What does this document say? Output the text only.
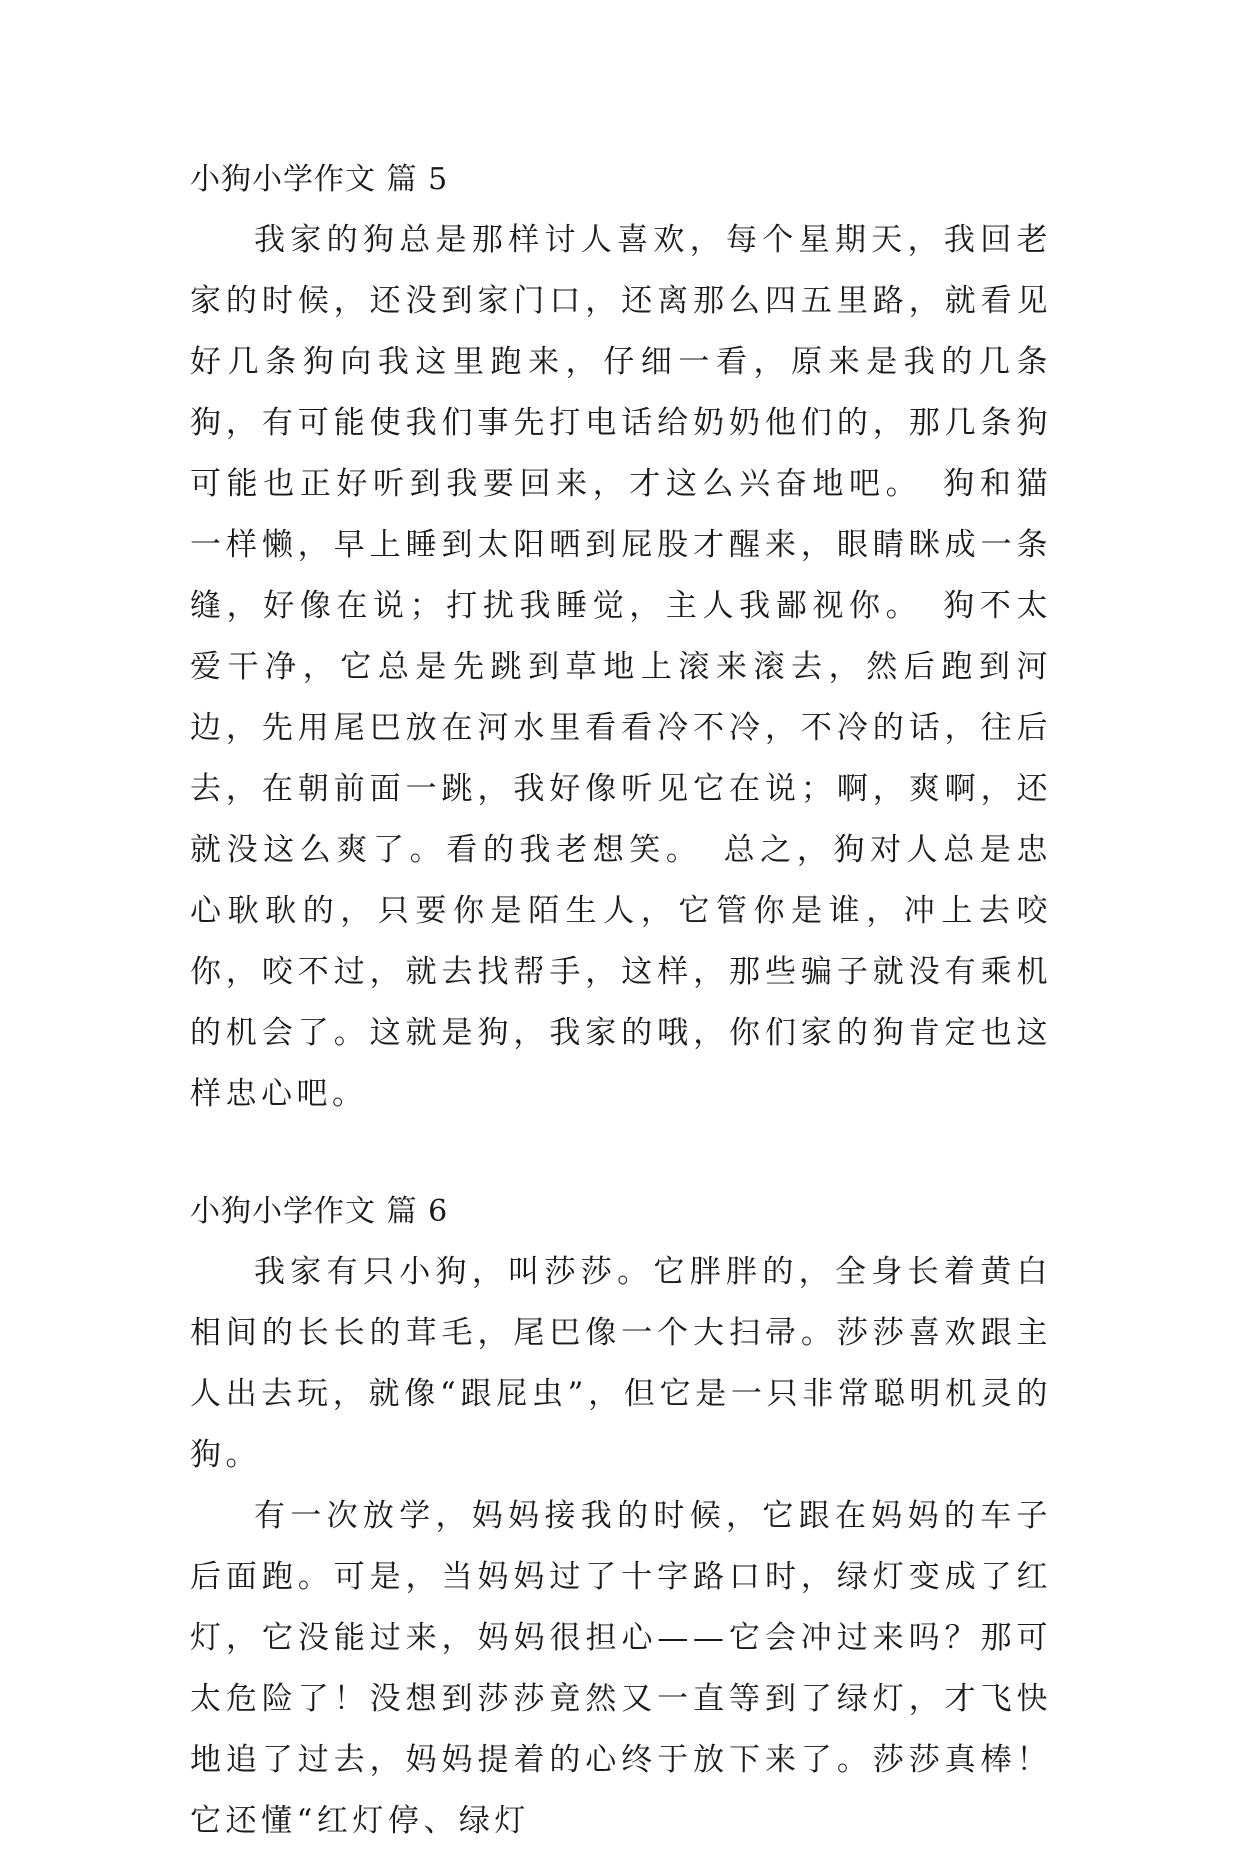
小狗小学作文 篇 5

我家的狗总是那样讨人喜欢，每个星期天，我回老家的时候，还没到家门口，还离那么四五里路，就看见好几条狗向我这里跑来，仔细一看，原来是我的几条狗，有可能使我们事先打电话给奶奶他们的，那几条狗可能也正好听到我要回来，才这么兴奋地吧。　狗和猫一样懒，早上睡到太阳晒到屁股才醒来，眼睛眯成一条缝，好像在说；打扰我睡觉，主人我鄙视你。　狗不太爱干净，它总是先跳到草地上滚来滚去，然后跑到河边，先用尾巴放在河水里看看冷不冷，不冷的话，往后去，在朝前面一跳，我好像听见它在说；啊，爽啊，还就没这么爽了。看的我老想笑。　总之，狗对人总是忠心耿耿的，只要你是陌生人，它管你是谁，冲上去咬你，咬不过，就去找帮手，这样，那些骗子就没有乘机的机会了。这就是狗，我家的哦，你们家的狗肯定也这样忠心吧。

小狗小学作文 篇 6

我家有只小狗，叫莎莎。它胖胖的，全身长着黄白相间的长长的茸毛，尾巴像一个大扫帚。莎莎喜欢跟主人出去玩，就像“跟屁虫”，但它是一只非常聪明机灵的狗。

有一次放学，妈妈接我的时候，它跟在妈妈的车子后面跑。可是，当妈妈过了十字路口时，绿灯变成了红灯，它没能过来，妈妈很担心——它会冲过来吗？那可太危险了！没想到莎莎竟然又一直等到了绿灯，才飞快地追了过去，妈妈提着的心终于放下来了。莎莎真棒！它还懂“红灯停、绿灯
